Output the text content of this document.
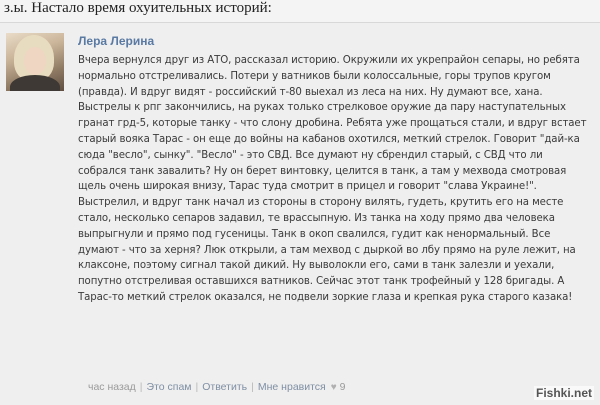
з.ы. Настало время охуительных историй:
Лера Лерина

Вчера вернулся друг из АТО, рассказал историю. Окружили их укрепрайон сепары, но ребята нормально отстреливались. Потери у ватников были колоссальные, горы трупов кругом (правда). И вдруг видят - российский т-80 выехал из леса на них. Ну думают все, хана. Выстрелы к рпг закончились, на руках только стрелковое оружие да пару наступательных гранат грд-5, которые танку - что слону дробина. Ребята уже прощаться стали, и вдруг встает старый вояка Тарас - он еще до войны на кабанов охотился, меткий стрелок. Говорит "дай-ка сюда "весло", сынку". "Весло" - это СВД. Все думают ну сбрендил старый, с СВД что ли собрался танк завалить? Ну он берет винтовку, целится в танк, а там у мехвода смотровая щель очень широкая внизу, Тарас туда смотрит в прицел и говорит "слава Украине!". Выстрелил, и вдруг танк начал из стороны в сторону вилять, гудеть, крутить его на месте стало, несколько сепаров задавил, те врассыпную. Из танка на ходу прямо два человека выпрыгнули и прямо под гусеницы. Танк в окоп свалился, гудит как ненормальный. Все думают - что за херня? Люк открыли, а там мехвод с дыркой во лбу прямо на руле лежит, на клаксоне, поэтому сигнал такой дикий. Ну выволокли его, сами в танк залезли и уехали, попутно отстреливая оставшихся ватников. Сейчас этот танк трофейный у 128 бригады. А Тарас-то меткий стрелок оказался, не подвели зоркие глаза и крепкая рука старого казака!

час назад | Это спам | Ответить | Мне нравится ♥ 9	Fishki.net
